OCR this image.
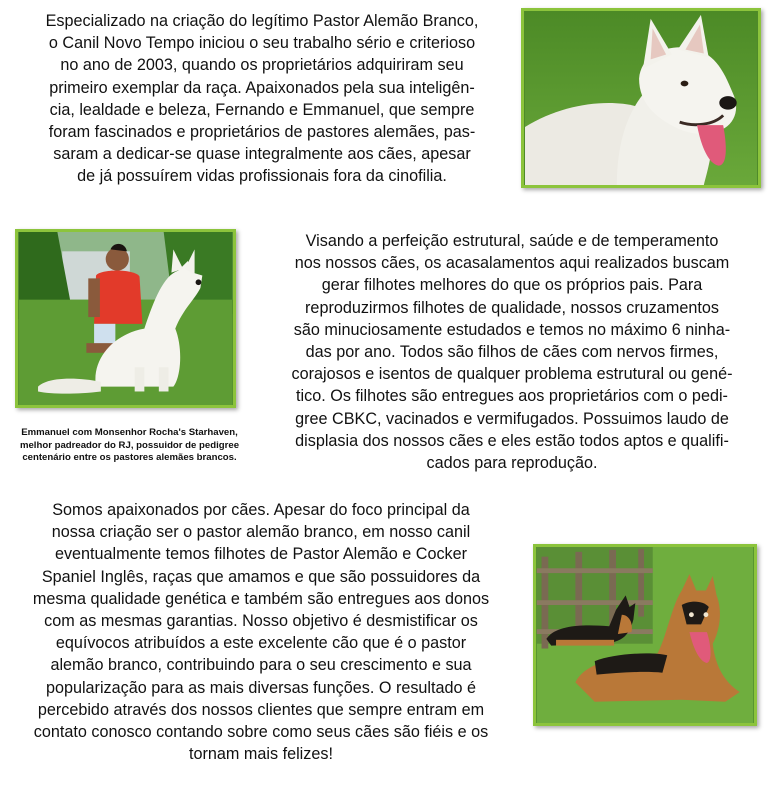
Especializado na criação do legítimo Pastor Alemão Branco,
o Canil Novo Tempo iniciou o seu trabalho sério e criterioso
no ano de 2003, quando os proprietários adquiriram seu
primeiro exemplar da raça. Apaixonados pela sua inteligên-
cia, lealdade e beleza, Fernando e Emmanuel, que sempre
foram fascinados e proprietários de pastores alemães, pas-
saram a dedicar-se quase integralmente aos cães, apesar
de já possuírem vidas profissionais fora da cinofilia.

Emmanuel com Monsenhor Rocha's Starhaven,
melhor padreador do RJ, possuidor de pedigree
centenário entre os pastores alemães brancos.

Visando a perfeição estrutural, saúde e de temperamento
nos nossos cães, os acasalamentos aqui realizados buscam
gerar filhotes melhores do que os próprios pais. Para
reproduzirmos filhotes de qualidade, nossos cruzamentos
são minuciosamente estudados e temos no máximo 6 ninha-
das por ano. Todos são filhos de cães com nervos firmes,
corajosos e isentos de qualquer problema estrutural ou gené-
tico. Os filhotes são entregues aos proprietários com o pedi-
gree CBKC, vacinados e vermifugados. Possuimos laudo de
displasia dos nossos cães e eles estão todos aptos e qualifi-
cados para reprodução.

Somos apaixonados por cães. Apesar do foco principal da
nossa criação ser o pastor alemão branco, em nosso canil
eventualmente temos filhotes de Pastor Alemão e Cocker
Spaniel Inglês, raças que amamos e que são possuidores da
mesma qualidade genética e também são entregues aos donos
com as mesmas garantias. Nosso objetivo é desmistificar os
equívocos atribuídos a este excelente cão que é o pastor
alemão branco, contribuindo para o seu crescimento e sua
popularização para as mais diversas funções. O resultado é
percebido através dos nossos clientes que sempre entram em
contato conosco contando sobre como seus cães são fiéis e os
tornam mais felizes!
